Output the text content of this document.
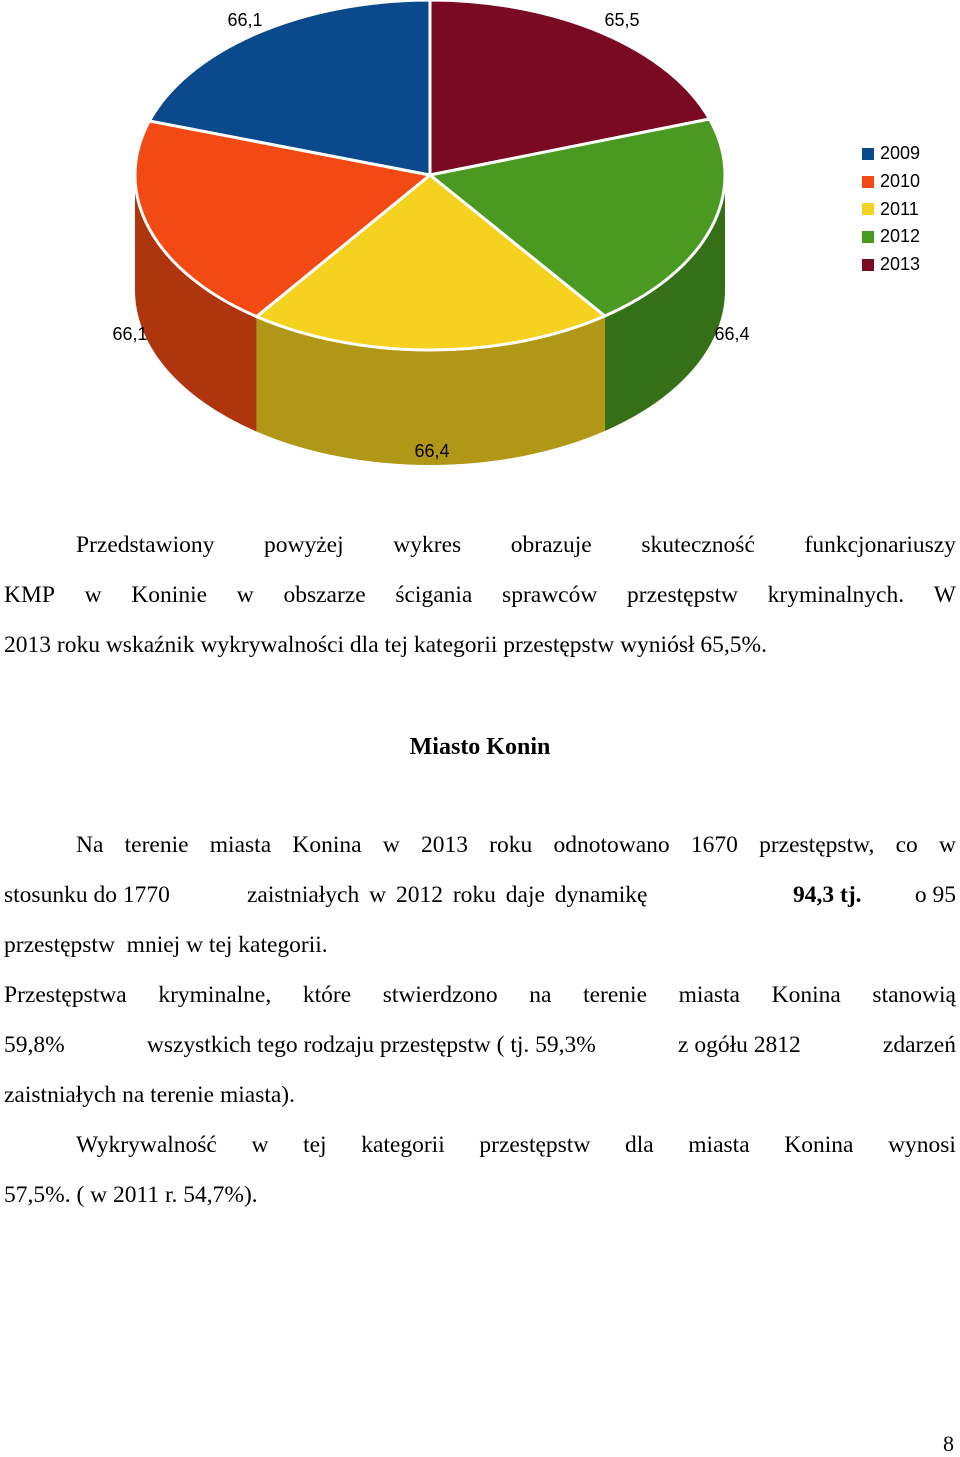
66,1
66,1
66,4
66,4
65,5
2009
2010
2011
2012
2013
Przedstawiony powyżej wykres obrazuje skuteczność funkcjonariuszy
KMP w Koninie w obszarze ścigania sprawców przestępstw kryminalnych. W
2013 roku wskaźnik wykrywalności dla tej kategorii przestępstw wyniósł 65,5%.
Miasto Konin
Na terenie miasta Konina w 2013 roku odnotowano 1670 przestępstw, co w
stosunku do 1770	zaistniałych w 2012 roku daje dynamikę	94,3 tj. o 95
przestępstw  mniej w tej kategorii.
Przestępstwa kryminalne, które stwierdzono na terenie miasta Konina stanowią
59,8%	wszystkich tego rodzaju przestępstw ( tj. 59,3%	z ogółu 2812	zdarzeń
zaistniałych na terenie miasta).
Wykrywalność w tej kategorii przestępstw dla miasta Konina wynosi
57,5%. ( w 2011 r. 54,7%).
8
